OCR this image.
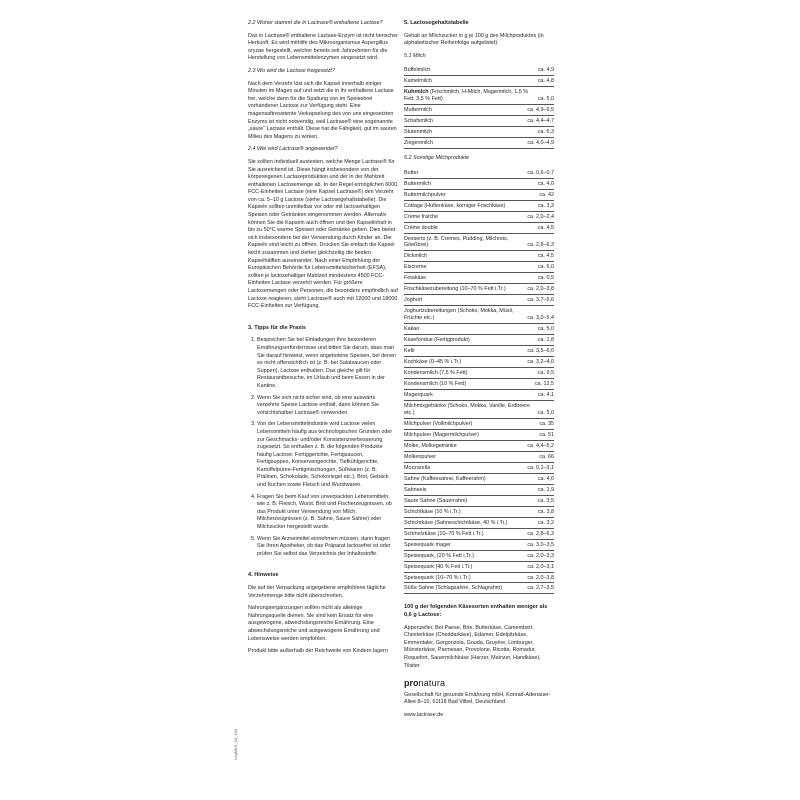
2.2 Woher stammt die in Lactrase® enthaltene Lactase?

Das in Lactrase® enthaltene Lactase-Enzym ist nicht tierischer Herkunft. Es wird mithilfe des Mikroorganismus Aspergillus oryzae hergestellt, welcher bereits seit Jahrzehnten für die Herstellung von Lebensmittelenzymen eingesetzt wird.

2.3 Wo wird die Lactase freigesetzt?

Nach dem Verzehr löst sich die Kapsel innerhalb einiger Minuten im Magen auf und setzt die in ihr enthaltene Lactase frei, welche dann für die Spaltung von im Speisebrei vorhandener Lactose zur Verfügung steht. Eine magensaftresistente Verkapselung des von uns eingesetzten Enzyms ist nicht notwendig, weil Lactrase® eine sogenannte „saure“ Lactase enthält. Diese hat die Fähigkeit, gut im sauren Milieu des Magens zu wirken.

2.4 Wie wird Lactrase® angewendet?

Sie sollten individuell austesten, welche Menge Lactrase® für Sie ausreichend ist. Diese hängt insbesondere von der körpereigenen Lactaseproduktion und der in der Mahlzeit enthaltenen Lactosemenge ab. In der Regel ermöglichen 6000 FCC-Einheiten Lactase (eine Kapsel Lactrase®) den Verzehr von ca. 5–10 g Lactose (siehe Lactosegehaltstabelle). Die Kapseln sollten unmittelbar vor oder mit lactosehaltigen Speisen oder Getränken eingenommen werden. Alternativ können Sie die Kapseln auch öffnen und den Kapselinhalt in bis zu 50°C warme Speisen oder Getränke geben. Dies bietet sich insbesondere bei der Verwendung durch Kinder an. Die Kapseln sind leicht zu öffnen. Drücken Sie einfach die Kapsel leicht zusammen und ziehen gleichzeitig die beiden Kapselhälften auseinander. Nach einer Empfehlung der Europäischen Behörde für Lebensmittelsicherheit (EFSA), sollten je lactosehaltiger Mahlzeit mindestens 4500 FCC-Einheiten Lactase verzehrt werden. Für größere Lactosemengen oder Personen, die besonders empfindlich auf Lactose reagieren, steht Lactrase® auch mit 12000 und 18000 FCC-Einheiten zur Verfügung.

3. Tipps für die Praxis
1. Besprechen Sie bei Einladungen Ihre besonderen Ernährungserfordernisse und bitten Sie darum, dass man Sie darauf hinweist, wenn angebotene Speisen, bei denen es nicht offensichtlich ist (z. B. bei Salatsaucen oder Suppen), Lactose enthalten. Das gleiche gilt für Restaurantbesuche, im Urlaub und beim Essen in der Kantine.
2. Wenn Sie sich nicht sicher sind, ob eine auswärts verzehrte Speise Lactose enthält, dann können Sie vorsichtshalber Lactrase® verwenden.
3. Von der Lebensmittelindustrie wird Lactose vielen Lebensmitteln häufig aus technologischen Gründen oder zur Geschmacks- und/oder Konsistenzverbesserung zugesetzt. So enthalten z. B. die folgenden Produkte häufig Lactose: Fertiggerichte, Fertigsaucen, Fertigsuppen, Konservengerichte, Tiefkühlgerichte, Kartoffelpüree-Fertigmischungen, Süßwaren (z. B. Pralinen, Schokolade, Schokoriegel etc.), Brot, Gebäck und Kuchen sowie Fleisch und Wurstwaren.
4. Fragen Sie beim Kauf von unverpackten Lebensmitteln, wie z. B. Fleisch, Wurst, Brot und Fischerzeugnissen, ob das Produkt unter Verwendung von Milch, Milcherzeugnissen (z. B. Sahne, Saure Sahne) oder Milchzucker hergestellt wurde.
5. Wenn Sie Arzneimittel einnehmen müssen, dann fragen Sie Ihren Apotheker, ob das Präparat lactosefrei ist oder prüfen Sie selbst das Verzeichnis der Inhaltsstoffe.
4. Hinweise

Die auf der Verpackung angegebene empfohlene tägliche Verzehrmenge bitte nicht überschreiten.

Nahrungsergänzungen sollten nicht als alleinige Nahrungsquelle dienen. Sie sind kein Ersatz für eine ausgewogene, abwechslungsreiche Ernährung. Eine abwechslungsreiche und ausgewogene Ernährung und Lebensweise werden empfohlen.

Produkt bitte außerhalb der Reichweite von Kindern lagern

LegMKS_04_103
5. Lactosegehaltstabelle

Gehalt an Milchzucker in g je 100 g des Milchproduktes (in alphabetischer Reihenfolge aufgelistet):

5.1 Milch
Büffelmilch	ca. 4,9
Kamelmilch	ca. 4,8
Kuhmilch (Frischmilch, H-Milch, Magermilch, 1,5 % Fett, 3,5 % Fett)	ca. 5,0
Muttermilch	ca. 4,9–9,5
Schafsmilch	ca. 4,4–4,7
Stutenmilch	ca. 6,3
Ziegenmilch	ca. 4,0–4,9
5.2 Sonstige Milchprodukte
Butter	ca. 0,6–0,7
Buttermilch	ca. 4,0
Buttermilchpulver	ca. 42
Cottage (Hüttenkäse, körniger Frischkäse)	ca. 3,3
Crème fraîche	ca. 2,0–2,4
Crème double	ca. 4,5
Desserts (z. B. Cremes, Pudding, Milchreis, Grießbrei)	ca. 2,8–6,3
Dickmilch	ca. 4,5
Eiscreme	ca. 6,0
Fetakäse	ca. 0,5
Frischkäsezubereitung (10–70 % Fett i.Tr.)	ca. 2,0–3,8
Joghurt	ca. 3,7–5,6
Joghurtzubereitungen (Schoko, Mokka, Müsli, Früchte etc.)	ca. 3,0–5,4
Kakao	ca. 5,0
Käsefondue (Fertigprodukt)	ca. 1,8
Kefir	ca. 3,5–6,0
Kochkäse (0–45 % i.Tr.)	ca. 3,2–4,0
Kondensmilch (7,5 % Fett)	ca. 9,5
Kondensmilch (10 % Fett)	ca. 12,5
Magerquark	ca. 4,1
Milchmixgetränke (Schoko, Mokka, Vanille, Erdbeere etc.)	ca. 5,0
Milchpulver (Vollmilchpulver)	ca. 35
Milchpulver (Magermilchpulver)	ca. 51
Molke, Molkegetränke	ca. 4,4–5,2
Molkenpulver	ca. 66
Mozzarella	ca. 0,1–3,1
Sahne (Kaffeesahne, Kaffeerahm)	ca. 4,0
Sahneeis	ca. 1,9
Saure Sahne (Sauerrahm)	ca. 3,5
Schichtkäse (10 % i.Tr.)	ca. 3,8
Schichtkäse (Sahneschichtkäse, 40 % i.Tr.)	ca. 3,2
Schmelzkäse (10–70 % Fett i.Tr.)	ca. 2,8–6,3
Speisequark mager	ca. 3,0–3,5
Speisequark, (20 % Fett i.Tr.)	ca. 2,0–3,3
Speisequark (40 % Fett i.Tr.)	ca. 2,0–3,1
Speisequark (10–70 % i.Tr.)	ca. 2,0–3,8
Süße Sahne (Schlagsahne, Schlagrahm)	ca. 2,7–3,5
100 g der folgenden Käsesorten enthalten weniger als 0,6 g Lactose:

Appenzeller, Bel Paese, Brie, Butterkäse, Camembert, Chesterkäse (Cheddarkäse), Edamer, Edelpilzkäse, Emmentaler, Gorgonzola, Gouda, Gruyère, Limburger, Münsterkäse, Parmesan, Provolone, Ricotta, Romadur, Roquefort, Sauermilchkäse (Harzer, Mainzer, Handkäse), Tilsiter

pronatura

Gesellschaft für gesunde Ernährung mbH, Konrad-Adenauer-Allee 8–10, 61118 Bad Vilbel, Deutschland

www.lactrase.de
